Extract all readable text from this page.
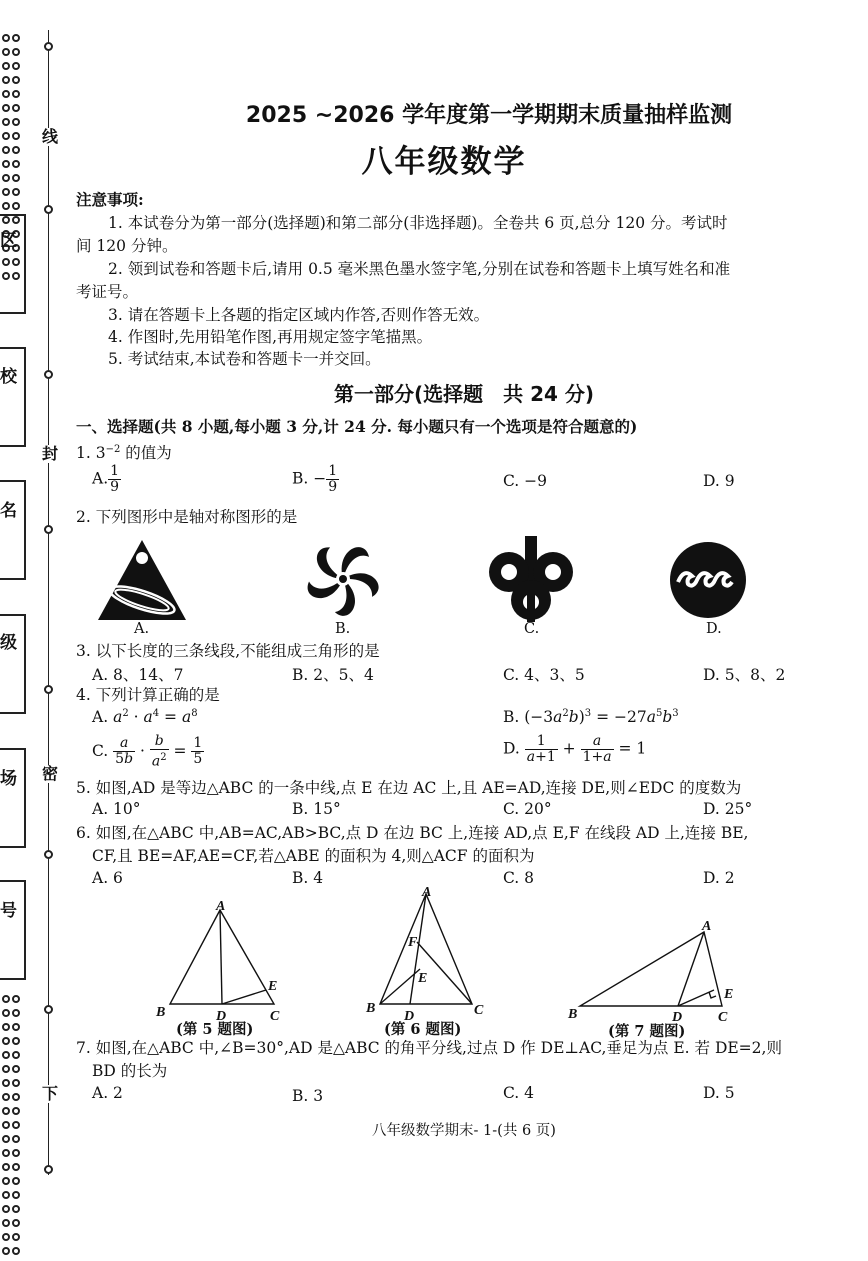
区
校
名
级
场
号
线
封
密
下
2025 ~2026 学年度第一学期期末质量抽样监测
八年级数学
注意事项:
1. 本试卷分为第一部分(选择题)和第二部分(非选择题)。全卷共 6 页,总分 120 分。考试时
间 120 分钟。
2. 领到试卷和答题卡后,请用 0.5 毫米黑色墨水签字笔,分别在试卷和答题卡上填写姓名和准
考证号。
3. 请在答题卡上各题的指定区域内作答,否则作答无效。
4. 作图时,先用铅笔作图,再用规定签字笔描黑。
5. 考试结束,本试卷和答题卡一并交回。
第一部分(选择题　共 24 分)
一、选择题(共 8 小题,每小题 3 分,计 24 分. 每小题只有一个选项是符合题意的)
1. $3^{-2}$ 的值为
A. $\frac{1}{9}$	B. − $\frac{1}{9}$	C. −9	D. 9
2. 下列图形中是轴对称图形的是
A.	B.	C.	D.
3. 以下长度的三条线段,不能组成三角形的是
A. 8、14、7	B. 2、5、4	C. 4、3、5	D. 5、8、2
4. 下列计算正确的是
A. $a^2 \cdot a^4 = a^8$	B. $(-3a^2b)^3 = -27a^5b^3$
C. $\frac{a}{5b} \cdot \frac{b}{a^2} = \frac{1}{5}$	D. $\frac{1}{a+1} + \frac{a}{1+a} = 1$
5. 如图,AD 是等边△ABC 的一条中线,点 E 在边 AC 上,且 AE=AD,连接 DE,则∠EDC 的度数为
A. 10°	B. 15°	C. 20°	D. 25°
6. 如图,在△ABC 中,AB=AC,AB>BC,点 D 在边 BC 上,连接 AD,点 E,F 在线段 AD 上,连接 BE,
CF,且 BE=AF,AE=CF,若△ABE 的面积为 4,则△ACF 的面积为
A. 6	B. 4	C. 8	D. 2
A
B	D
E
C
(第 5 题图)
A
F
E
B
D	C
(第 6 题图)
A
E
B	D	C
(第 7 题图)
7. 如图,在△ABC 中,∠B=30°,AD 是△ABC 的角平分线,过点 D 作 DE⊥AC,垂足为点 E. 若 DE=2,则
BD 的长为
A. 2	B. 3	C. 4	D. 5
八年级数学期末- 1-(共 6 页)
